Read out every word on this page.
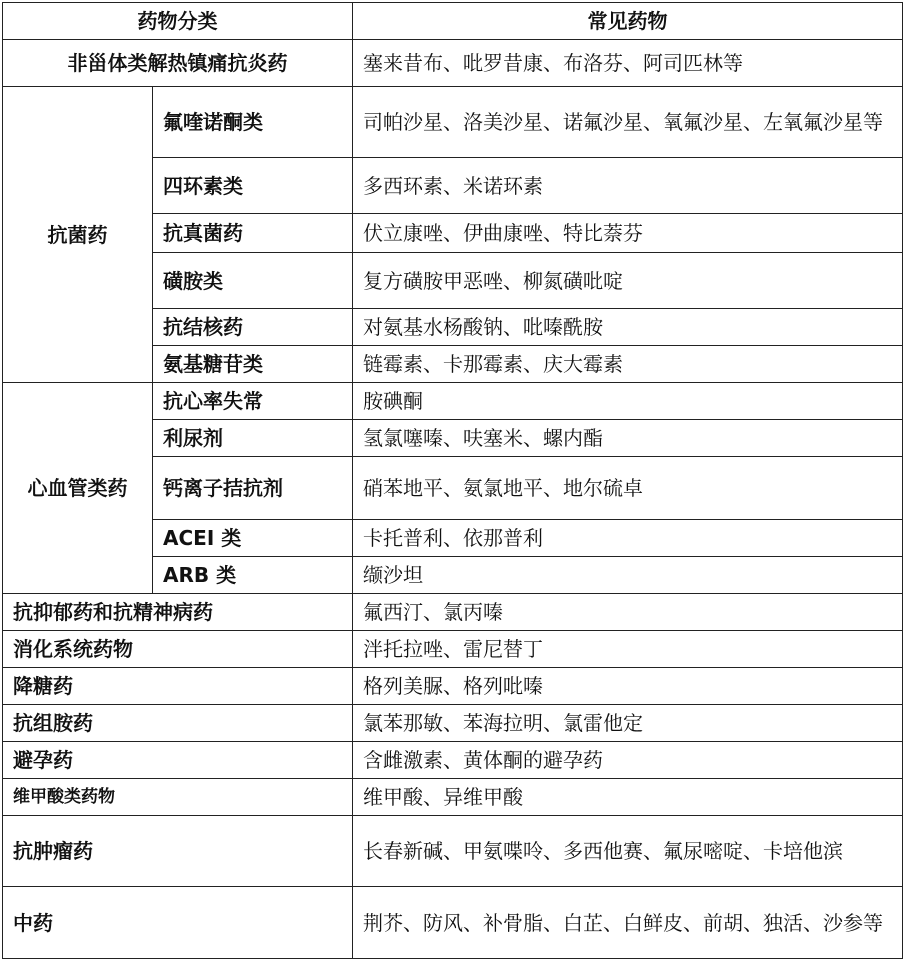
药物分类		常见药物
非甾体类解热镇痛抗炎药		塞来昔布、吡罗昔康、布洛芬、阿司匹林等
抗菌药	氟喹诺酮类	司帕沙星、洛美沙星、诺氟沙星、氧氟沙星、左氧氟沙星等
	四环素类	多西环素、米诺环素
	抗真菌药	伏立康唑、伊曲康唑、特比萘芬
	磺胺类	复方磺胺甲恶唑、柳氮磺吡啶
	抗结核药	对氨基水杨酸钠、吡嗪酰胺
	氨基糖苷类	链霉素、卡那霉素、庆大霉素
心血管类药	抗心率失常	胺碘酮
	利尿剂	氢氯噻嗪、呋塞米、螺内酯
	钙离子拮抗剂	硝苯地平、氨氯地平、地尔硫卓
	ACEI 类	卡托普利、依那普利
	ARB 类	缬沙坦
抗抑郁药和抗精神病药		氟西汀、氯丙嗪
消化系统药物		泮托拉唑、雷尼替丁
降糖药		格列美脲、格列吡嗪
抗组胺药		氯苯那敏、苯海拉明、氯雷他定
避孕药		含雌激素、黄体酮的避孕药
维甲酸类药物		维甲酸、异维甲酸
抗肿瘤药		长春新碱、甲氨喋呤、多西他赛、氟尿嘧啶、卡培他滨
中药		荆芥、防风、补骨脂、白芷、白鲜皮、前胡、独活、沙参等
